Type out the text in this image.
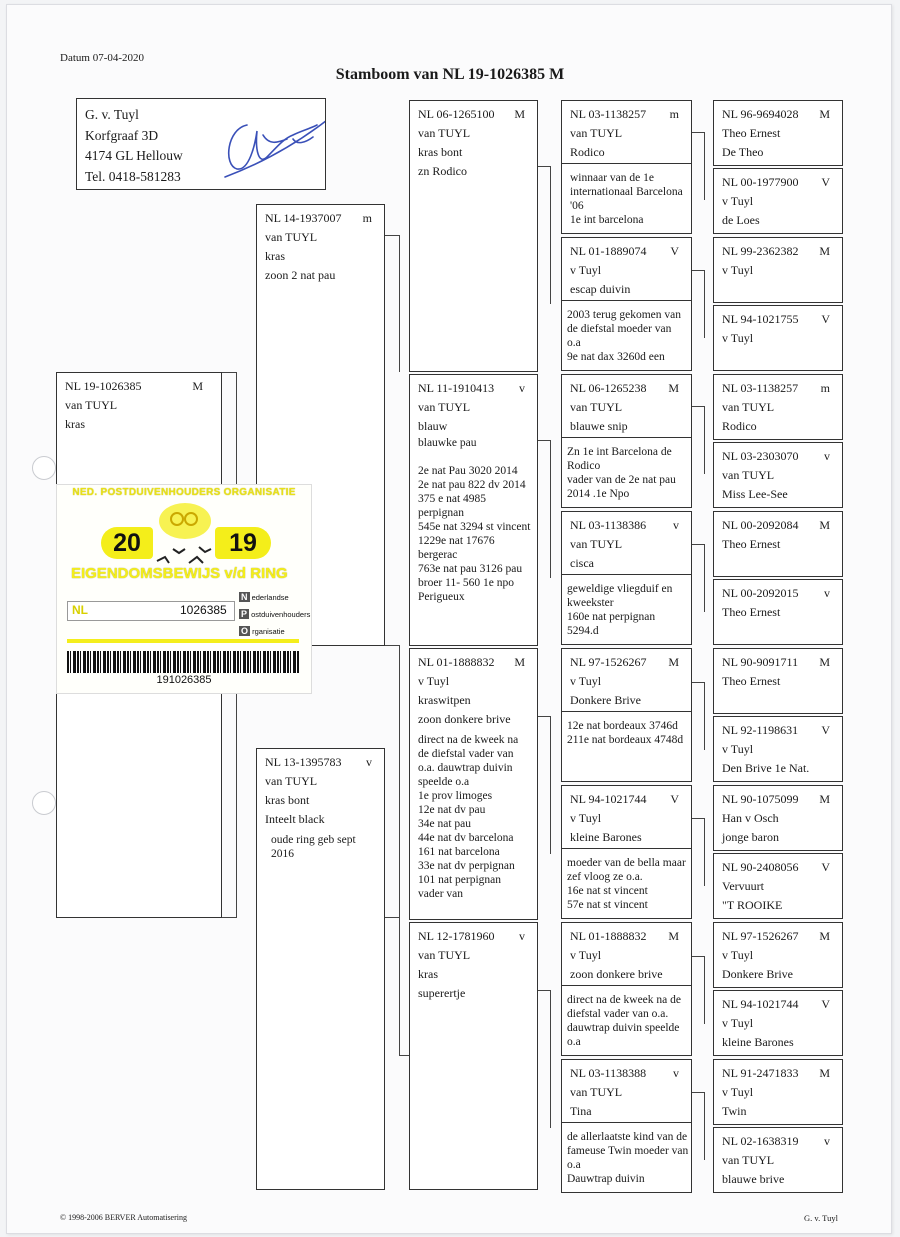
Datum 07-04-2020
Stamboom van NL 19-1026385 M
G. v. Tuyl
Korfgraaf 3D
4174 GL Hellouw
Tel. 0418-581283
NL 19-1026385	M
van TUYL
kras
NL 14-1937007 m
van TUYL
kras
zoon 2 nat pau
NL 13-1395783 v
van TUYL
kras bont
Inteelt black
oude ring geb sept 2016
NL 06-1265100 M
van TUYL
kras bont
zn Rodico
NL 11-1910413 v
van TUYL
blauw
blauwke pau

2e nat Pau 3020 2014
2e nat pau 822 dv 2014
375 e nat 4985 perpignan
545e nat 3294 st vincent
1229e nat 17676 bergerac
763e nat pau 3126 pau
broer 11- 560 1e npo
Perigueux
NL 01-1888832 M
v Tuyl
kraswitpen
zoon donkere brive
direct na de kweek na de diefstal vader van o.a. dauwtrap duivin speelde o.a
1e prov limoges
12e nat dv pau
34e nat pau
44e nat dv barcelona
161 nat barcelona
33e nat dv perpignan
101 nat perpignan
vader van
NL 12-1781960 v
van TUYL
kras
superertje
NL 03-1138257 m
van TUYL
Rodico
winnaar van de 1e internationaal Barcelona '06
1e int barcelona
NL 01-1889074 V
v Tuyl
escap duivin
2003 terug gekomen van de diefstal moeder van o.a
9e nat dax 3260d een
NL 06-1265238 M
van TUYL
blauwe snip
Zn 1e int Barcelona de Rodico
vader van de 2e nat pau 2014 .1e Npo
NL 03-1138386 v
van TUYL
cisca
geweldige vliegduif en kweekster
160e nat perpignan 5294.d
NL 97-1526267 M
v Tuyl
Donkere Brive
12e nat bordeaux 3746d
211e nat bordeaux 4748d
NL 94-1021744 V
v Tuyl
kleine Barones
moeder van de bella maar zef vloog ze o.a.
16e nat st vincent
57e nat st vincent
NL 01-1888832 M
v Tuyl
zoon donkere brive
direct na de kweek na de diefstal vader van o.a. dauwtrap duivin speelde o.a
NL 03-1138388 v
van TUYL
Tina
de allerlaatste kind van de fameuse Twin moeder van o.a
Dauwtrap duivin
NL 96-9694028 M
Theo Ernest
De Theo
NL 00-1977900 V
v Tuyl
de Loes
NL 99-2362382 M
v Tuyl
NL 94-1021755 V
v Tuyl
NL 03-1138257 m
van TUYL
Rodico
NL 03-2303070 v
van TUYL
Miss Lee-See
NL 00-2092084 M
Theo Ernest
NL 00-2092015 v
Theo Ernest
NL 90-9091711 M
Theo Ernest
NL 92-1198631 V
v Tuyl
Den Brive 1e Nat.
NL 90-1075099 M
Han v Osch
jonge baron
NL 90-2408056 V
Vervuurt
"T ROOIKE
NL 97-1526267 M
v Tuyl
Donkere Brive
NL 94-1021744 V
v Tuyl
kleine Barones
NL 91-2471833 M
v Tuyl
Twin
NL 02-1638319 v
van TUYL
blauwe brive
NED. POSTDUIVENHOUDERS ORGANISATIE
20	19
EIGENDOMSBEWIJS v/d RING
NL	1026385
N ederlandse
P ostduivenhouders
O rganisatie
191026385
© 1998-2006 BERVER Automatisering	G. v. Tuyl
